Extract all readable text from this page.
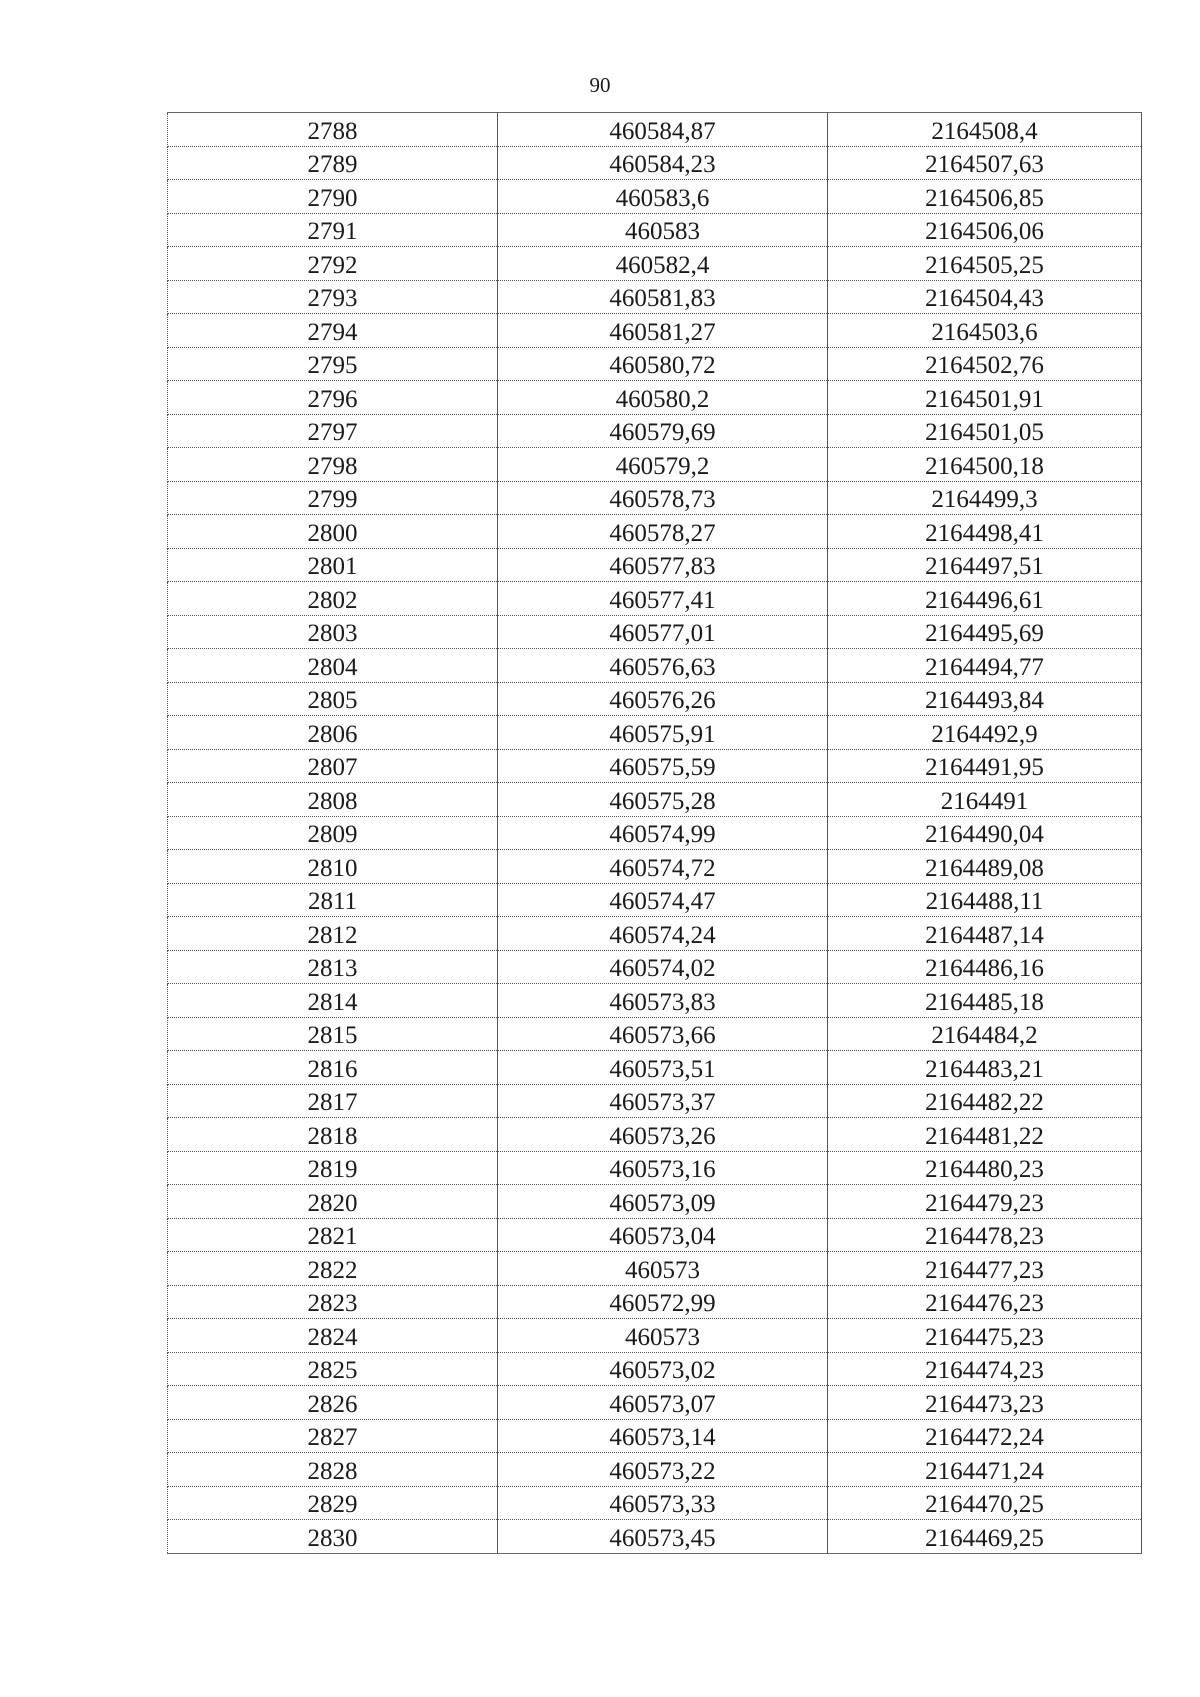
90
2788	460584,87	2164508,4
2789	460584,23	2164507,63
2790	460583,6	2164506,85
2791	460583	2164506,06
2792	460582,4	2164505,25
2793	460581,83	2164504,43
2794	460581,27	2164503,6
2795	460580,72	2164502,76
2796	460580,2	2164501,91
2797	460579,69	2164501,05
2798	460579,2	2164500,18
2799	460578,73	2164499,3
2800	460578,27	2164498,41
2801	460577,83	2164497,51
2802	460577,41	2164496,61
2803	460577,01	2164495,69
2804	460576,63	2164494,77
2805	460576,26	2164493,84
2806	460575,91	2164492,9
2807	460575,59	2164491,95
2808	460575,28	2164491
2809	460574,99	2164490,04
2810	460574,72	2164489,08
2811	460574,47	2164488,11
2812	460574,24	2164487,14
2813	460574,02	2164486,16
2814	460573,83	2164485,18
2815	460573,66	2164484,2
2816	460573,51	2164483,21
2817	460573,37	2164482,22
2818	460573,26	2164481,22
2819	460573,16	2164480,23
2820	460573,09	2164479,23
2821	460573,04	2164478,23
2822	460573	2164477,23
2823	460572,99	2164476,23
2824	460573	2164475,23
2825	460573,02	2164474,23
2826	460573,07	2164473,23
2827	460573,14	2164472,24
2828	460573,22	2164471,24
2829	460573,33	2164470,25
2830	460573,45	2164469,25
